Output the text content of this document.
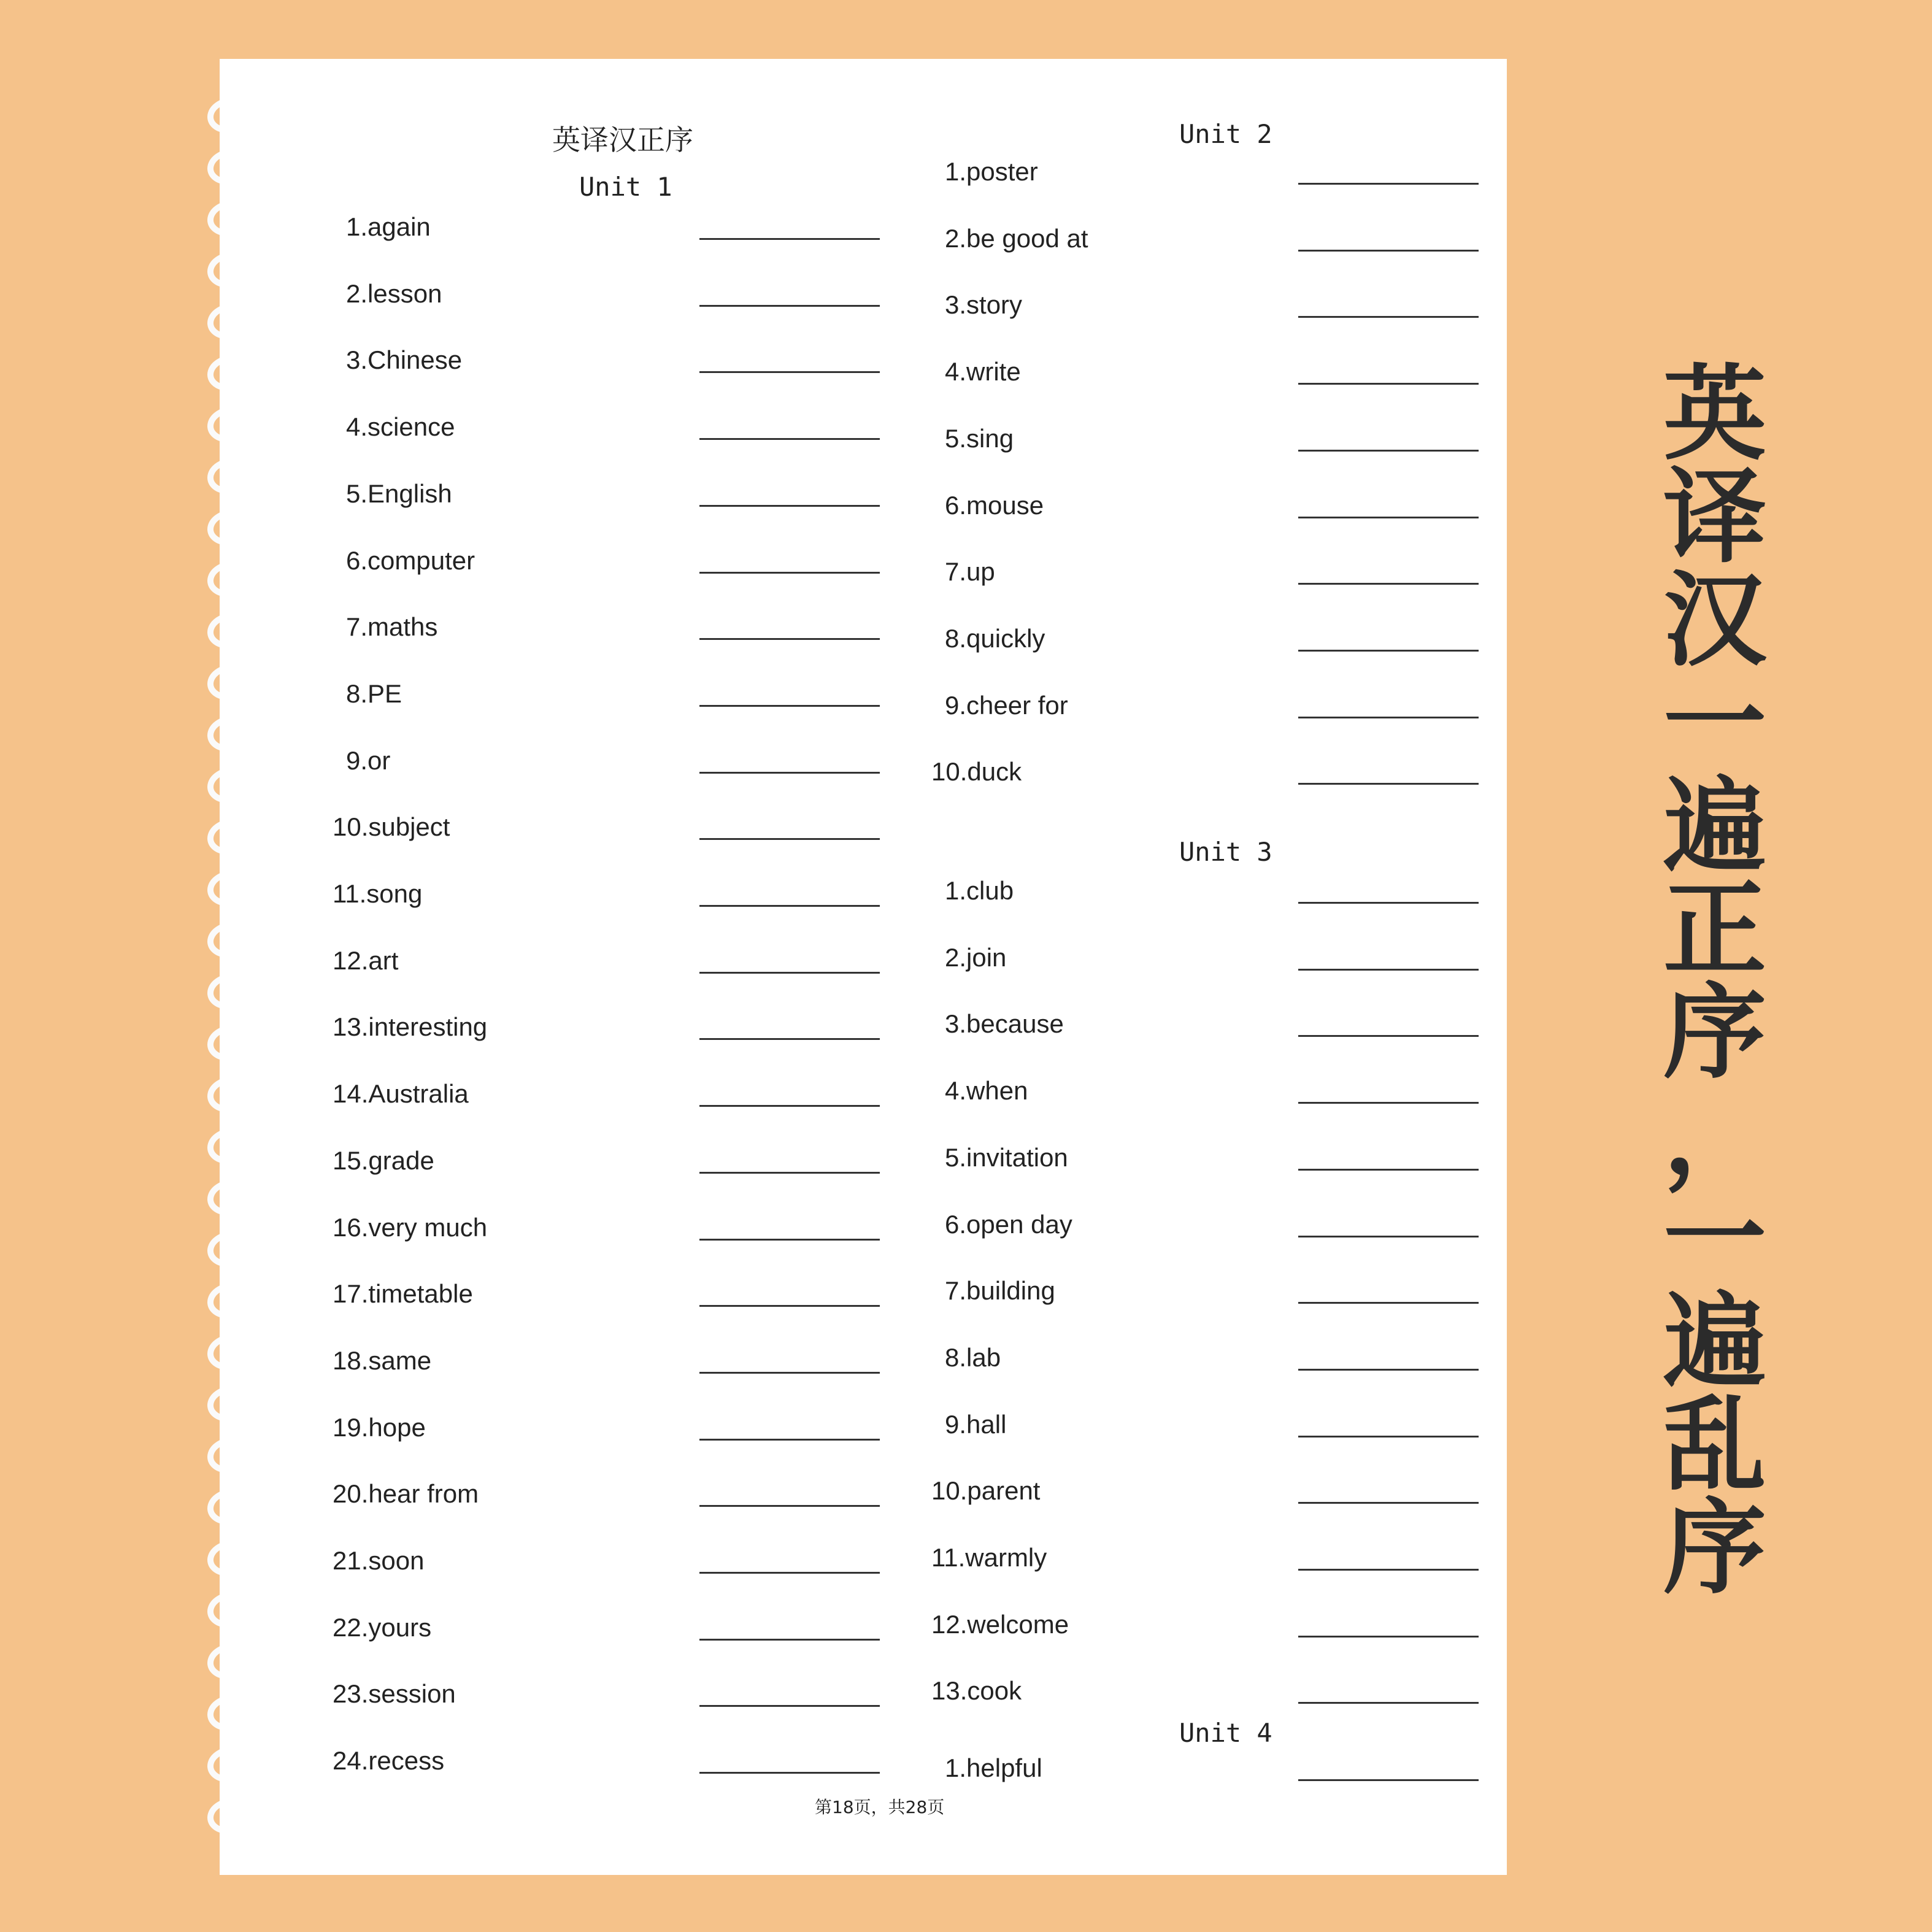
英译汉正序
Unit 1
Unit 2
Unit 3
Unit 4
1.again
2.lesson
3.Chinese
4.science
5.English
6.computer
7.maths
8.PE
9.or
10.subject
11.song
12.art
13.interesting
14.Australia
15.grade
16.very much
17.timetable
18.same
19.hope
20.hear from
21.soon
22.yours
23.session
24.recess
1.poster
2.be good at
3.story
4.write
5.sing
6.mouse
7.up
8.quickly
9.cheer for
10.duck
1.club
2.join
3.because
4.when
5.invitation
6.open day
7.building
8.lab
9.hall
10.parent
11.warmly
12.welcome
13.cook
1.helpful
第18页，共28页
英
译
汉
一
遍
正
序
，
一
遍
乱
序
